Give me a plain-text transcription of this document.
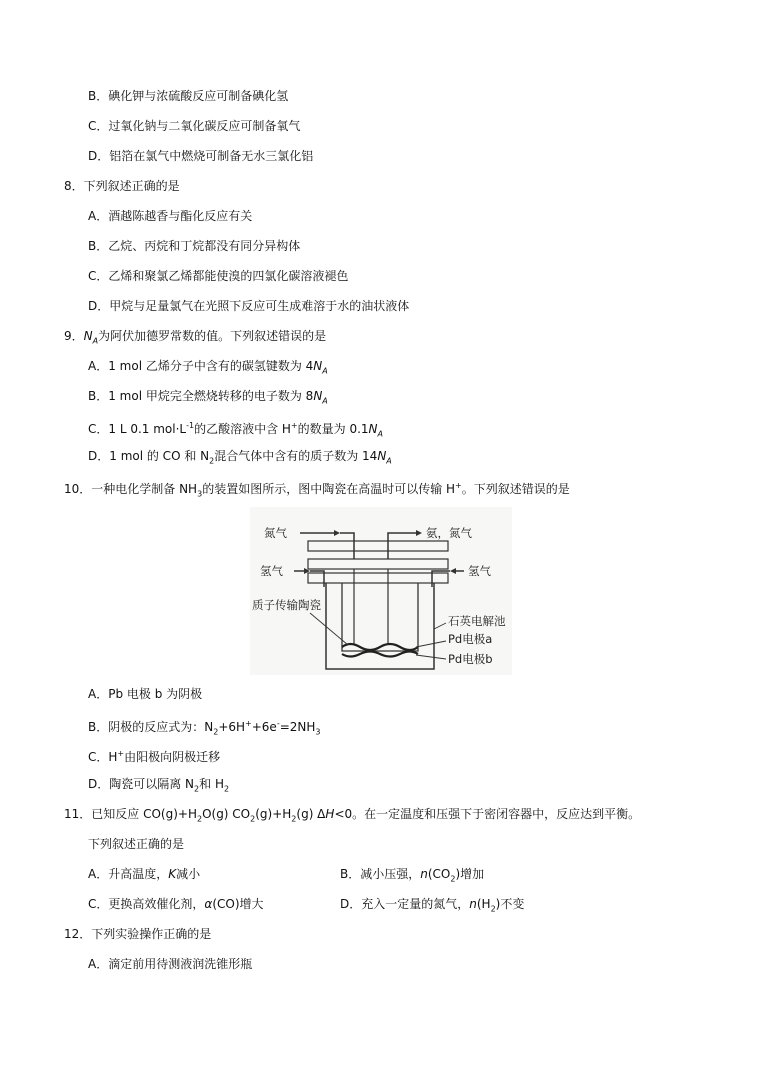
B．碘化钾与浓硫酸反应可制备碘化氢
C．过氧化钠与二氧化碳反应可制备氧气
D．铝箔在氯气中燃烧可制备无水三氯化铝
8．下列叙述正确的是
A．酒越陈越香与酯化反应有关
B．乙烷、丙烷和丁烷都没有同分异构体
C．乙烯和聚氯乙烯都能使溴的四氯化碳溶液褪色
D．甲烷与足量氯气在光照下反应可生成难溶于水的油状液体
9．$N_A$为阿伏加德罗常数的值。下列叙述错误的是
A．1 mol 乙烯分子中含有的碳氢键数为 $4N_A$
B．1 mol 甲烷完全燃烧转移的电子数为 $8N_A$
C．1 L 0.1 $mol\cdot L^{-1}$的乙酸溶液中含 H+的数量为 $0.1N_A$
D．1 mol 的 CO 和 $N_2$混合气体中含有的质子数为 $14N_A$
10．一种电化学制备 $NH_3$的装置如图所示，图中陶瓷在高温时可以传输 H+。下列叙述错误的是
氮气	氨，氮气
氢气	氢气
质子传输陶瓷
石英电解池
Pd电极a
Pd电极b
A．Pb 电极 b 为阴极
B．阴极的反应式为：$N_2+6H^++6e^-=2NH_3$
C．H+由阳极向阴极迁移
D．陶瓷可以隔离 $N_2$和 $H_2$
11．已知反应 $CO(g)+H_2O(g)$ $CO_2(g)+H_2(g)$ ΔH<0。在一定温度和压强下于密闭容器中，反应达到平衡。
下列叙述正确的是
A．升高温度，K减小	B．减小压强，$n(CO_2)$增加
C．更换高效催化剂，α(CO)增大	D．充入一定量的氮气，$n(H_2)$不变
12．下列实验操作正确的是
A．滴定前用待测液润洗锥形瓶
